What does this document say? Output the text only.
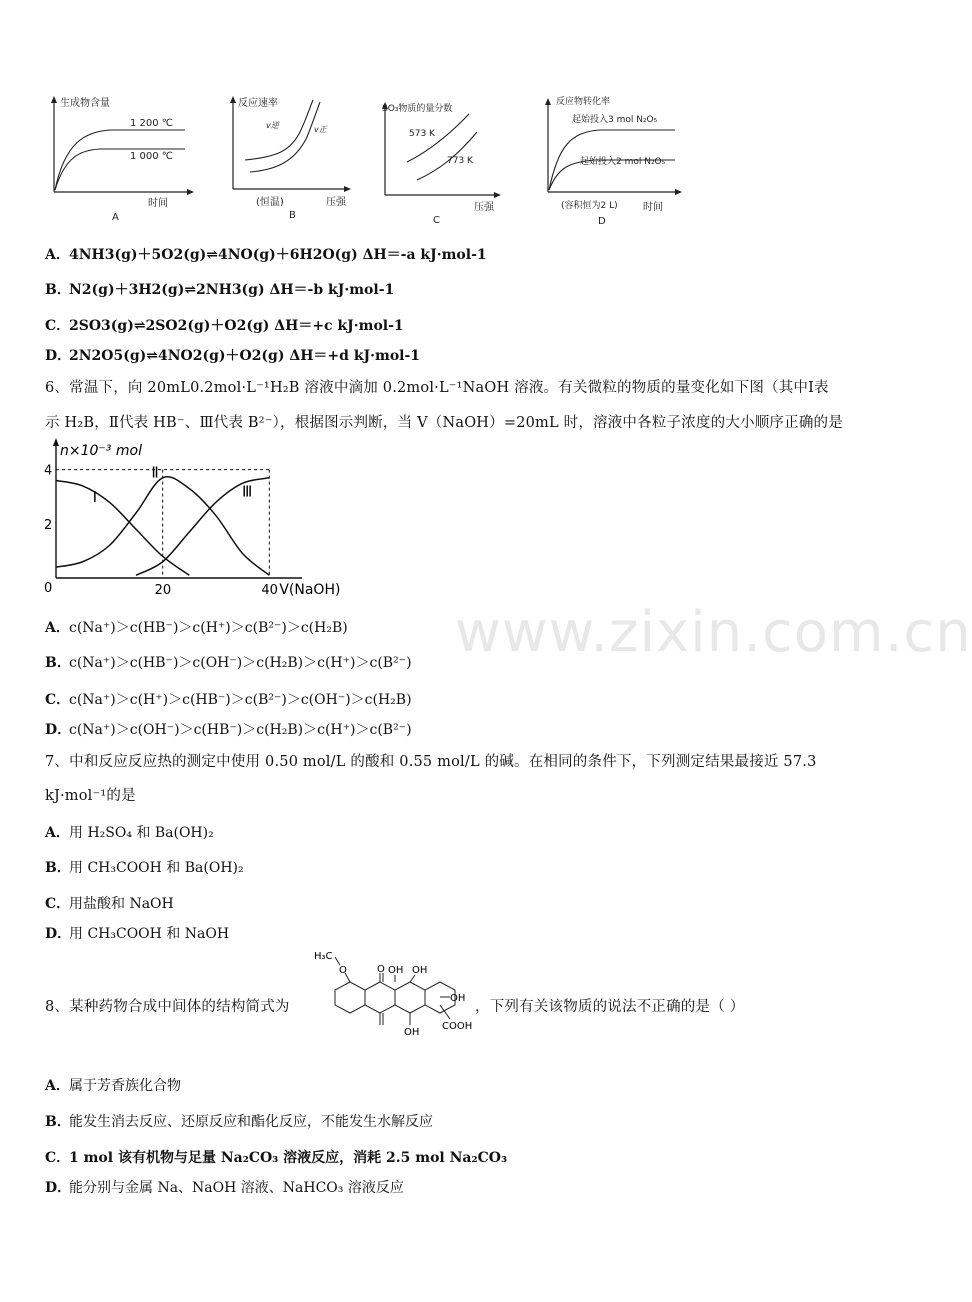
生成物含量
1 200 ℃
1 000 ℃
时间
A
反应速率
v逆	v正
(恒温)	压强
B
SO₃物质的量分数
573 K
773 K
压强
C
反应物转化率
起始投入3 mol N₂O₅
起始投入2 mol N₂O₅
(容积恒为2 L)	时间
D
A．4NH3(g)＋5O2(g)⇌4NO(g)＋6H2O(g) ΔH＝-a kJ·mol-1
B．N2(g)＋3H2(g)⇌2NH3(g) ΔH＝-b kJ·mol-1
C．2SO3(g)⇌2SO2(g)＋O2(g) ΔH＝+c kJ·mol-1
D．2N2O5(g)⇌4NO2(g)＋O2(g) ΔH＝+d kJ·mol-1
6、常温下，向 20mL0.2mol·L⁻¹H₂B 溶液中滴加 0.2mol·L⁻¹NaOH 溶液。有关微粒的物质的量变化如下图（其中Ⅰ表
示 H₂B，Ⅱ代表 HB⁻、Ⅲ代表 B²⁻），根据图示判断，当 V（NaOH）=20mL 时，溶液中各粒子浓度的大小顺序正确的是
0
2
4
20	40
Ⅰ
Ⅱ
Ⅲ
n×10⁻³ mol
V(NaOH)
A．c(Na⁺)＞c(HB⁻)＞c(H⁺)＞c(B²⁻)＞c(H₂B)
B．c(Na⁺)＞c(HB⁻)＞c(OH⁻)＞c(H₂B)＞c(H⁺)＞c(B²⁻)
C．c(Na⁺)＞c(H⁺)＞c(HB⁻)＞c(B²⁻)＞c(OH⁻)＞c(H₂B)
D．c(Na⁺)＞c(OH⁻)＞c(HB⁻)＞c(H₂B)＞c(H⁺)＞c(B²⁻)
7、中和反应反应热的测定中使用 0.50 mol/L 的酸和 0.55 mol/L 的碱。在相同的条件下，下列测定结果最接近 57.3
kJ·mol⁻¹的是
A．用 H₂SO₄ 和 Ba(OH)₂
B．用 CH₃COOH 和 Ba(OH)₂
C．用盐酸和 NaOH
D．用 CH₃COOH 和 NaOH
8、某种药物合成中间体的结构简式为	，下列有关该物质的说法不正确的是（ ）
H₃C
O	O OH OH
OH
OH
COOH
A．属于芳香族化合物
B．能发生消去反应、还原反应和酯化反应，不能发生水解反应
C．1 mol 该有机物与足量 Na₂CO₃ 溶液反应，消耗 2.5 mol Na₂CO₃
D．能分别与金属 Na、NaOH 溶液、NaHCO₃ 溶液反应
www.zixin.com.cn
